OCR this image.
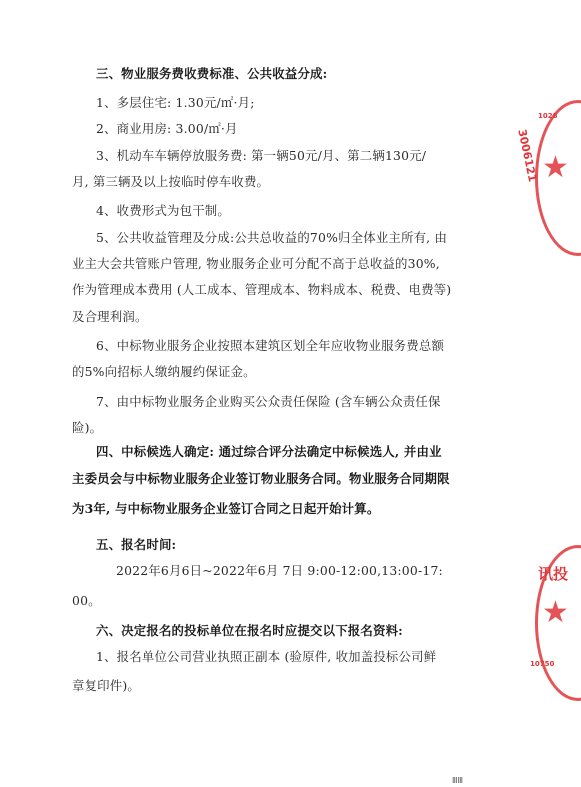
三、物业服务费收费标准、公共收益分成:
1、多层住宅: 1.30元/㎡·月;
2、商业用房: 3.00/㎡·月
3、机动车车辆停放服务费: 第一辆50元/月、第二辆130元/
月, 第三辆及以上按临时停车收费。
4、收费形式为包干制。
5、公共收益管理及分成:公共总收益的70%归全体业主所有, 由
业主大会共管账户管理, 物业服务企业可分配不高于总收益的30%,
作为管理成本费用 (人工成本、管理成本、物料成本、税费、电费等)
及合理利润。
6、中标物业服务企业按照本建筑区划全年应收物业服务费总额
的5%向招标人缴纳履约保证金。
7、由中标物业服务企业购买公众责任保险 (含车辆公众责任保
险)。
四、中标候选人确定: 通过综合评分法确定中标候选人, 并由业
主委员会与中标物业服务企业签订物业服务合同。物业服务合同期限
为3年, 与中标物业服务企业签订合同之日起开始计算。
五、报名时间:
2022年6月6日~2022年6月 7日 9:00-12:00,13:00-17:
00。
六、决定报名的投标单位在报名时应提交以下报名资料:
1、报名单位公司营业执照正副本 (验原件, 收加盖投标公司鲜
章复印件)。
★
1028
3006121
★
讯投
10750
ⅢⅢ
